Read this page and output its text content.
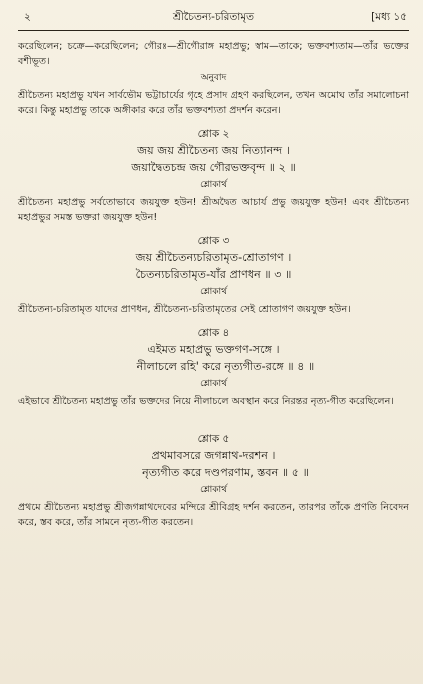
২	শ্রীচৈতন্য-চরিতামৃত	[মধ্য ১৫

করেছিলেন; চক্রে—করেছিলেন; গৌরঃ—শ্রীগৌরাঙ্গ মহাপ্রভু; স্বাম—তাকে; ভক্তবশ্যতাম—তাঁর ভক্তের বশীভূত।

অনুবাদ

শ্রীচৈতন্য মহাপ্রভু যখন সার্বভৌম ভট্টাচার্যের গৃহে প্রসাদ গ্রহণ করছিলেন, তখন অমোঘ তাঁর সমালোচনা করে। কিন্তু মহাপ্রভু তাকে অঙ্গীকার করে তাঁর ভক্তবশ্যতা প্রদর্শন করেন।

শ্লোক ২

জয় জয় শ্রীচৈতন্য জয় নিত্যানন্দ ।

জয়াদ্বৈতচন্দ্র জয় গৌরভক্তবৃন্দ ॥ ২ ॥

শ্লোকার্থ

শ্রীচৈতন্য মহাপ্রভু সর্বতোভাবে জয়যুক্ত হউন! শ্রীঅদ্বৈত আচার্য প্রভু জয়যুক্ত হউন! এবং শ্রীচৈতন্য মহাপ্রভুর সমস্ত ভক্তরা জয়যুক্ত হউন!

শ্লোক ৩

জয় শ্রীচৈতন্যচরিতামৃত-শ্রোতাগণ ।

চৈতন্যচরিতামৃত-যাঁর প্রাণধন ॥ ৩ ॥

শ্লোকার্থ

শ্রীচৈতন্য-চরিতামৃত যাদের প্রাণধন, শ্রীচৈতন্য-চরিতামৃতের সেই শ্রোতাগণ জয়যুক্ত হউন।

শ্লোক ৪

এইমত মহাপ্রভু ভক্তগণ-সঙ্গে ।

নীলাচলে রহি' করে নৃত্যগীত-রঙ্গে ॥ ৪ ॥

শ্লোকার্থ

এইভাবে শ্রীচৈতন্য মহাপ্রভু তাঁর ভক্তদের নিয়ে নীলাচলে অবস্থান করে নিরন্তর নৃত্য-গীত করেছিলেন।

শ্লোক ৫

প্রথমাবসরে জগন্নাথ-দরশন ।

নৃত্যগীত করে দণ্ডপরণাম, স্তবন ॥ ৫ ॥

শ্লোকার্থ

প্রথমে শ্রীচৈতন্য মহাপ্রভু শ্রীজগন্নাথদেবের মন্দিরে শ্রীবিগ্রহ দর্শন করতেন, তারপর তাঁকে প্রণতি নিবেদন করে, স্তব করে, তাঁর সামনে নৃত্য-গীত করতেন।
